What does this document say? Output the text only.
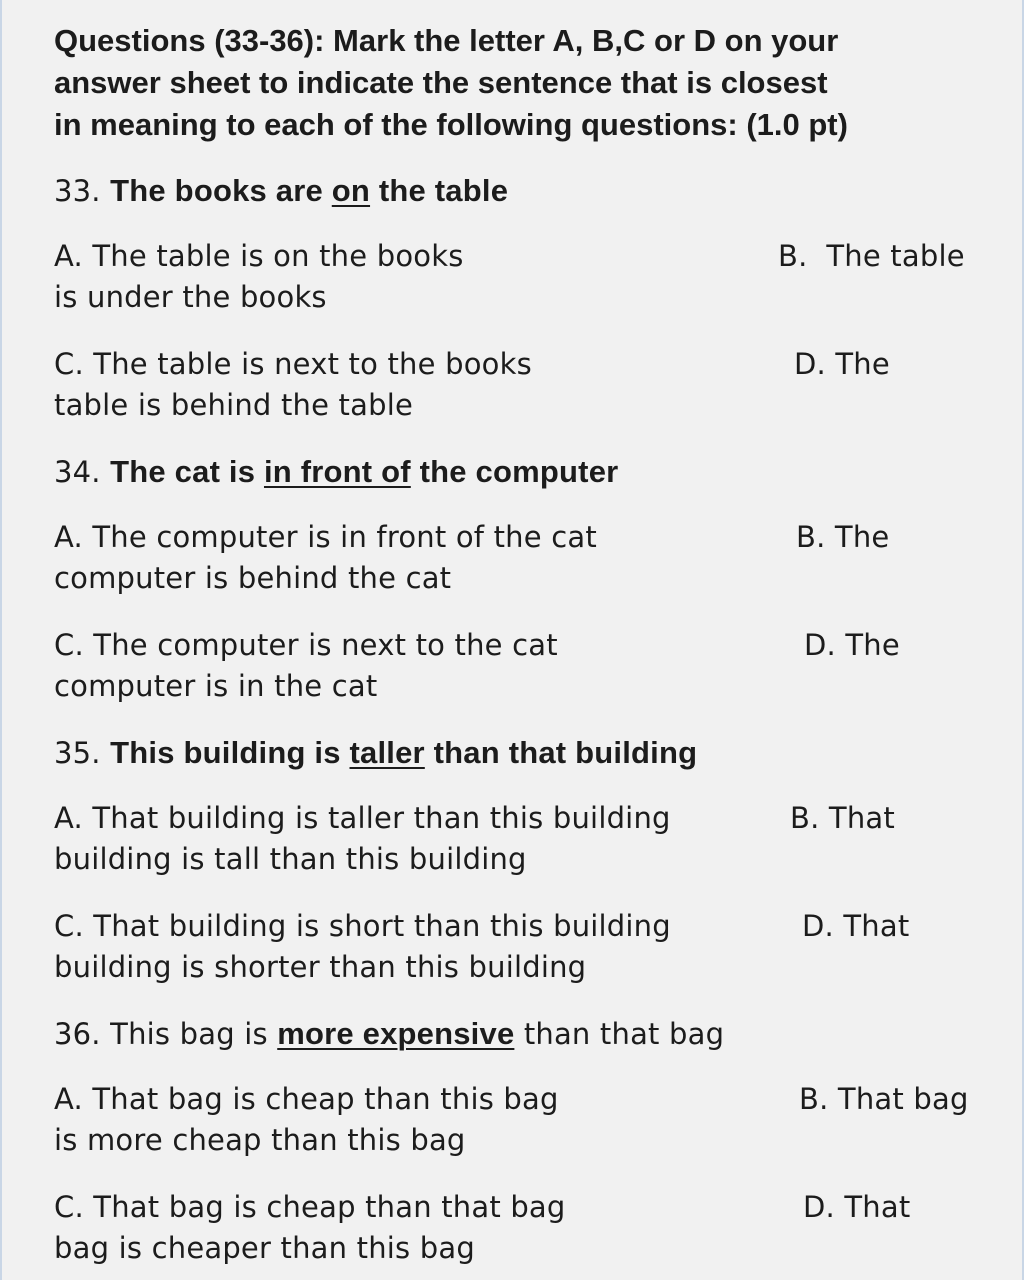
Questions (33-36): Mark the letter A, B,C or D on your
answer sheet to indicate the sentence that is closest
in meaning to each of the following questions: (1.0 pt)
33. The books are on the table
A. The table is on the books	B.  The table
is under the books
C. The table is next to the books	D. The
table is behind the table
34. The cat is in front of the computer
A. The computer is in front of the cat	B. The
computer is behind the cat
C. The computer is next to the cat	D. The
computer is in the cat
35. This building is taller than that building
A. That building is taller than this building	B. That
building is tall than this building
C. That building is short than this building	D. That
building is shorter than this building
36. This bag is more expensive than that bag
A. That bag is cheap than this bag	B. That bag
is more cheap than this bag
C. That bag is cheap than that bag	D. That
bag is cheaper than this bag
